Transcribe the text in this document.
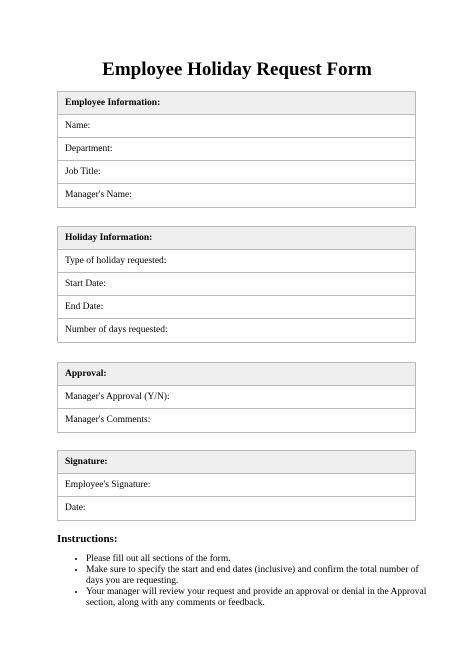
Employee Holiday Request Form
Employee Information:
Name:
Department:
Job Title:
Manager's Name:
Holiday Information:
Type of holiday requested:
Start Date:
End Date:
Number of days requested:
Approval:
Manager's Approval (Y/N):
Manager's Comments:
Signature:
Employee's Signature:
Date:
Instructions:
• Please fill out all sections of the form.
• Make sure to specify the start and end dates (inclusive) and confirm the total number of days you are requesting.
• Your manager will review your request and provide an approval or denial in the Approval section, along with any comments or feedback.
